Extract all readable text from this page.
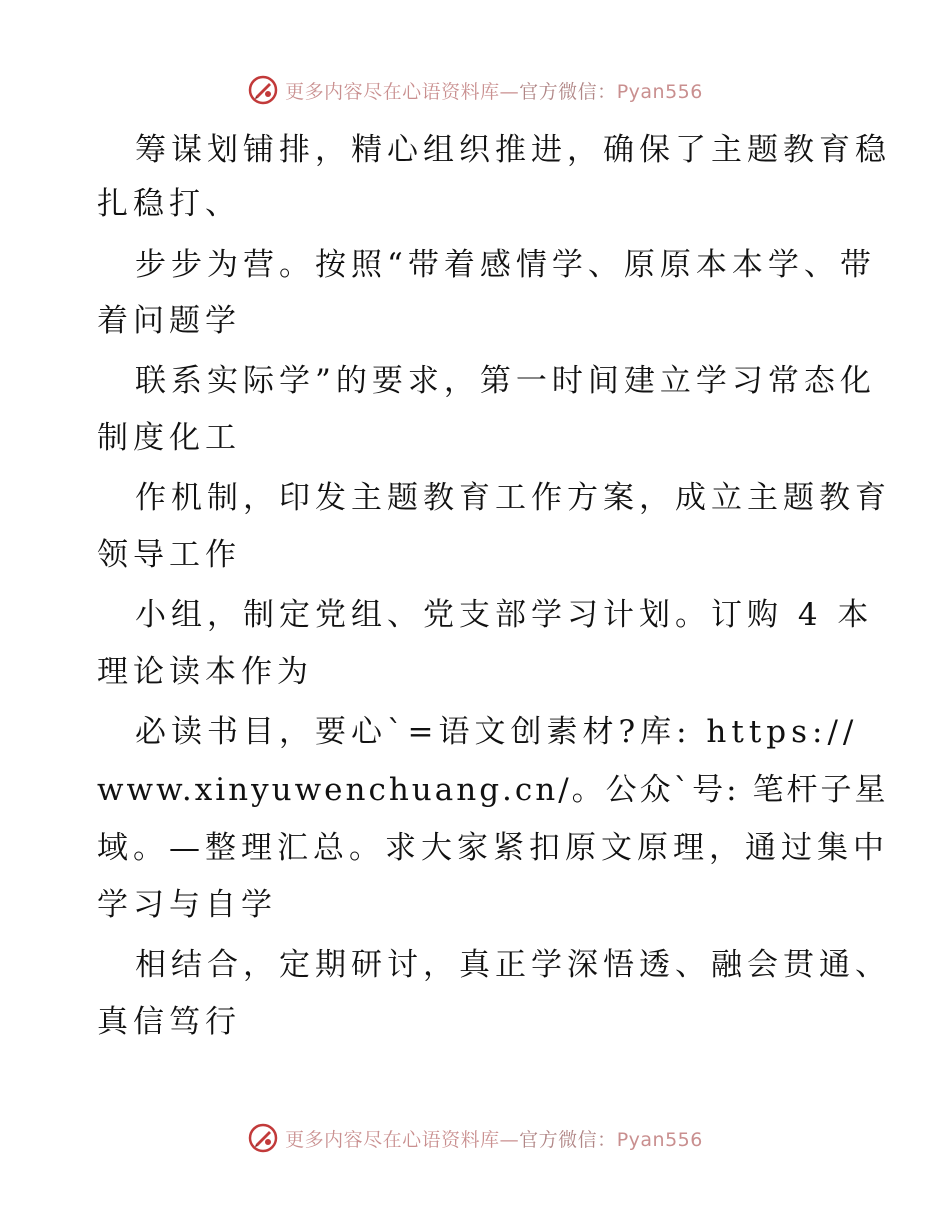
更多内容尽在心语资料库—官方微信：Pyan556
筹谋划铺排，精心组织推进，确保了主题教育稳
扎稳打、
步步为营。按照“带着感情学、原原本本学、带
着问题学
联系实际学”的要求，第一时间建立学习常态化
制度化工
作机制，印发主题教育工作方案，成立主题教育
领导工作
小组，制定党组、党支部学习计划。订购 4 本
理论读本作为
必读书目，要心`=语文创素材?库: https://
www.xinyuwenchuang.cn/。公众`号: 笔杆子星
域。—整理汇总。求大家紧扣原文原理，通过集中
学习与自学
相结合，定期研讨，真正学深悟透、融会贯通、
真信笃行
更多内容尽在心语资料库—官方微信：Pyan556
